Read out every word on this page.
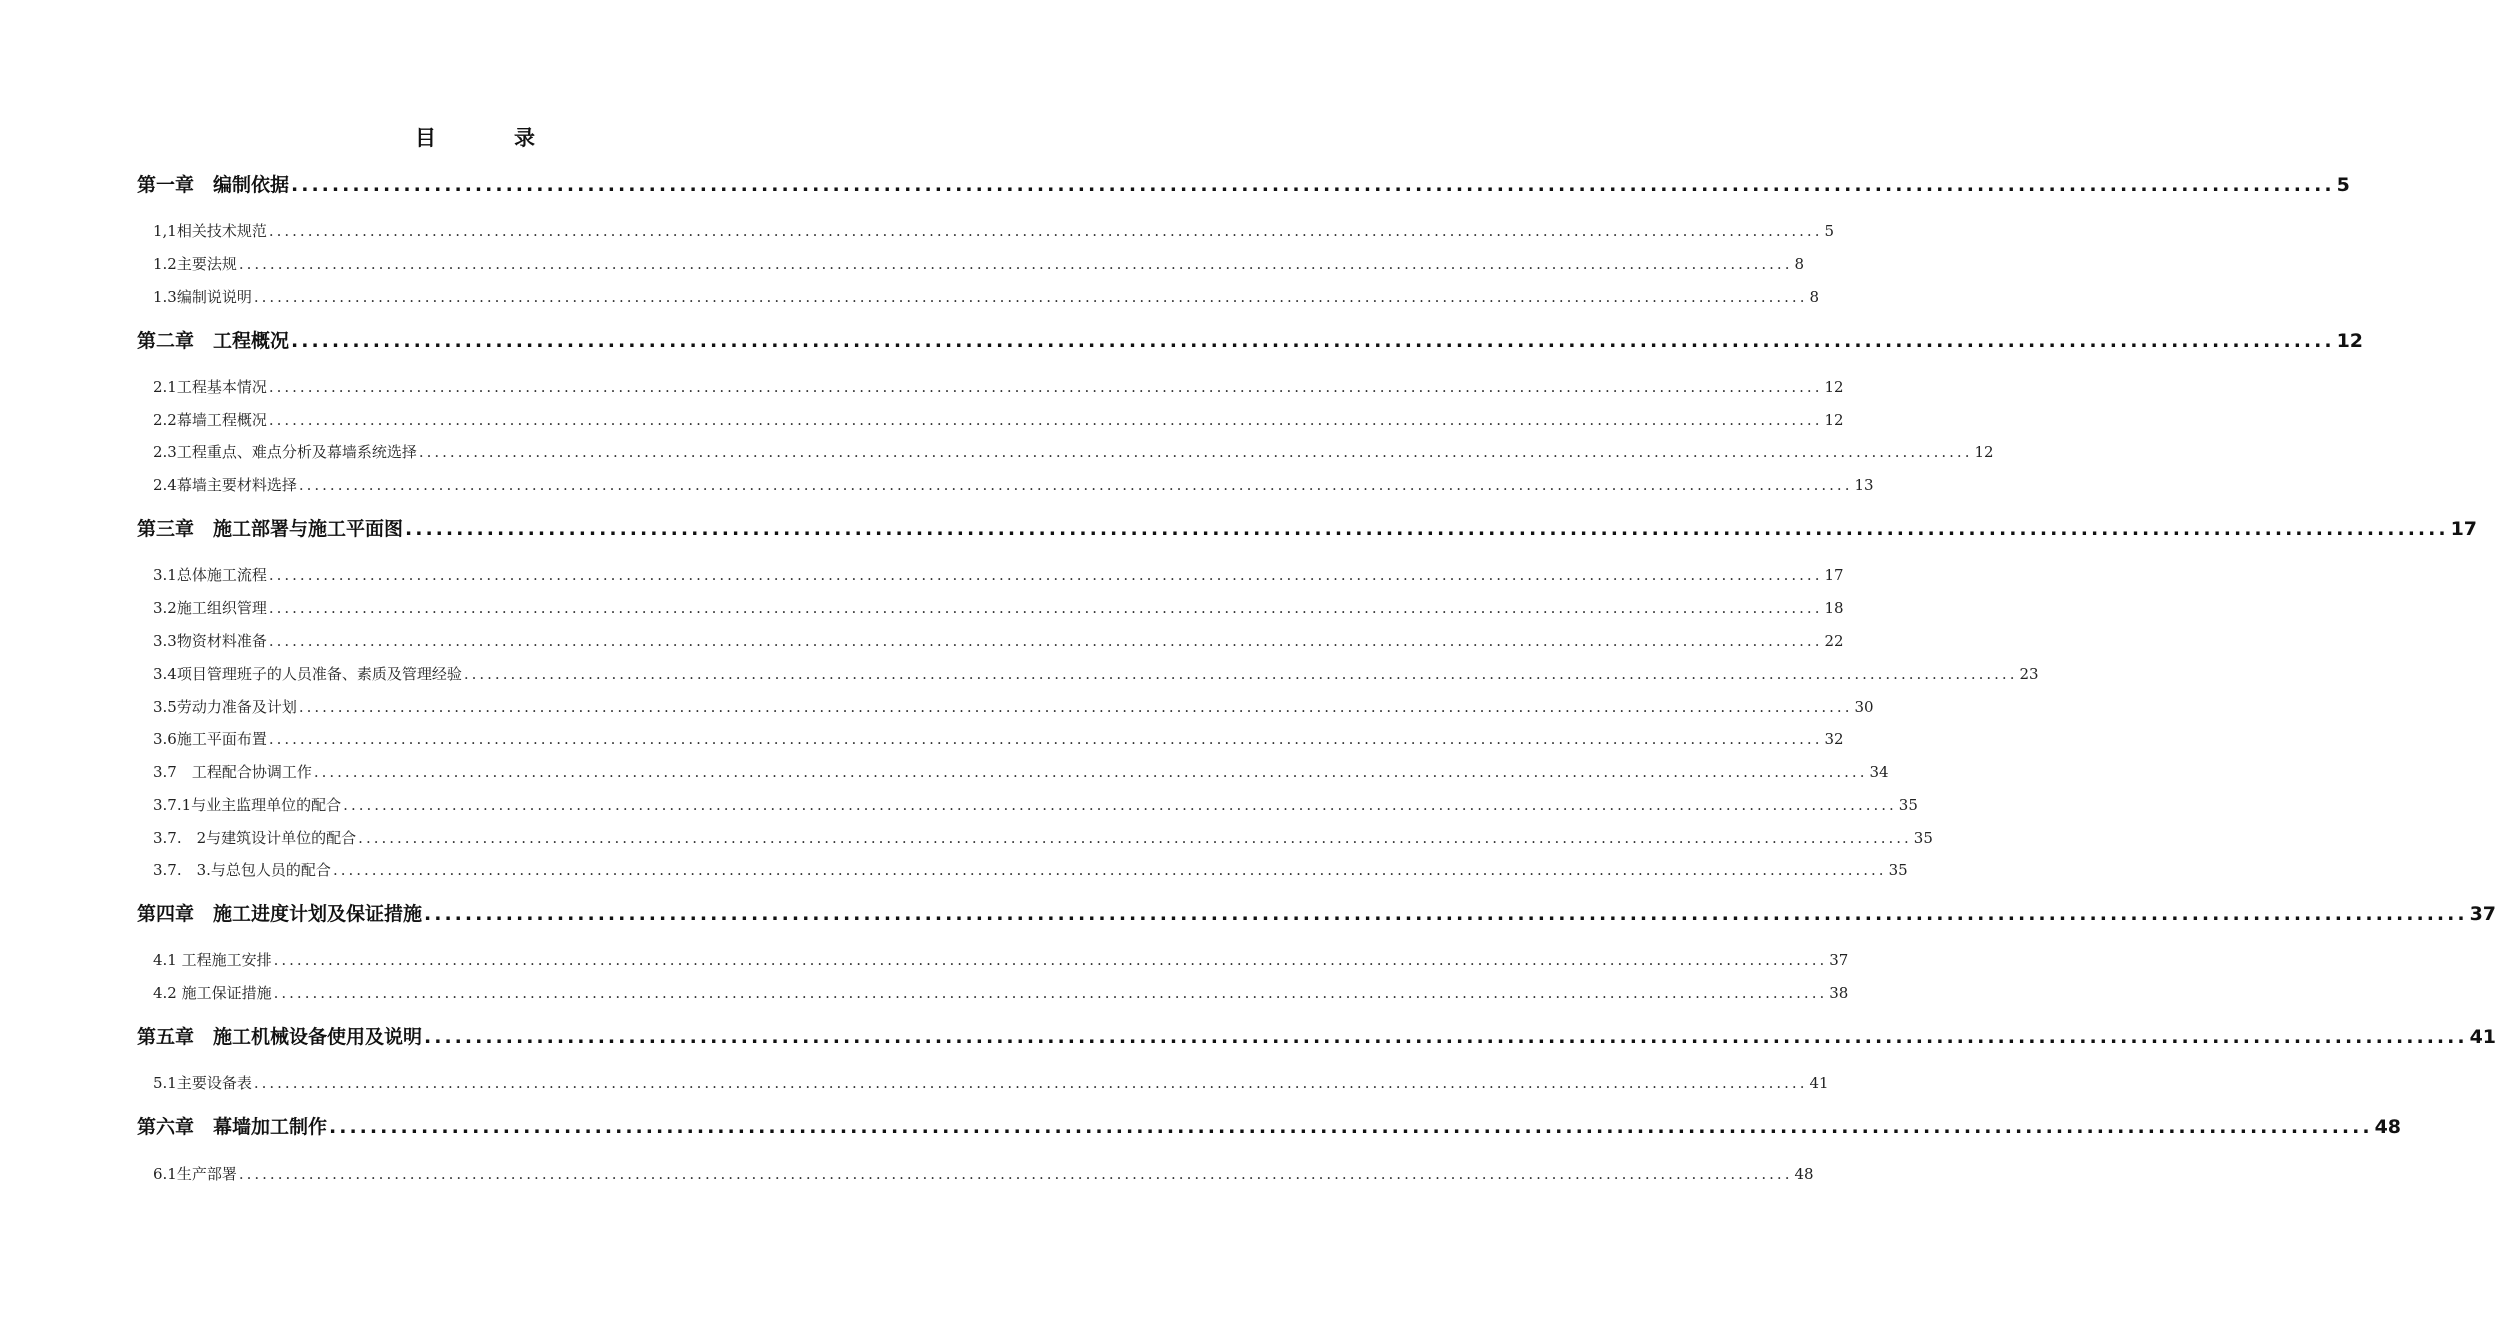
目	录
第一章　编制依据 ........................................................................................................................................................................................................ 5
1,1相关技术规范 ........................................................................................................................................................................................................ 5
1.2主要法规 ........................................................................................................................................................................................................ 8
1.3编制说说明 ........................................................................................................................................................................................................ 8
第二章　工程概况 ........................................................................................................................................................................................................ 12
2.1工程基本情况 ........................................................................................................................................................................................................ 12
2.2幕墙工程概况 ........................................................................................................................................................................................................ 12
2.3工程重点、难点分析及幕墙系统选择 ........................................................................................................................................................................................................ 12
2.4幕墙主要材料选择 ........................................................................................................................................................................................................ 13
第三章　施工部署与施工平面图 ........................................................................................................................................................................................................ 17
3.1总体施工流程 ........................................................................................................................................................................................................ 17
3.2施工组织管理 ........................................................................................................................................................................................................ 18
3.3物资材料准备 ........................................................................................................................................................................................................ 22
3.4项目管理班子的人员准备、素质及管理经验 ........................................................................................................................................................................................................ 23
3.5劳动力准备及计划 ........................................................................................................................................................................................................ 30
3.6施工平面布置 ........................................................................................................................................................................................................ 32
3.7　工程配合协调工作 ........................................................................................................................................................................................................ 34
3.7.1与业主监理单位的配合 ........................................................................................................................................................................................................ 35
3.7.　2与建筑设计单位的配合 ........................................................................................................................................................................................................ 35
3.7.　3.与总包人员的配合 ........................................................................................................................................................................................................ 35
第四章　施工进度计划及保证措施 ........................................................................................................................................................................................................ 37
4.1 工程施工安排 ........................................................................................................................................................................................................ 37
4.2 施工保证措施 ........................................................................................................................................................................................................ 38
第五章　施工机械设备使用及说明 ........................................................................................................................................................................................................ 41
5.1主要设备表 ........................................................................................................................................................................................................ 41
第六章　幕墙加工制作 ........................................................................................................................................................................................................ 48
6.1生产部署 ........................................................................................................................................................................................................ 48
